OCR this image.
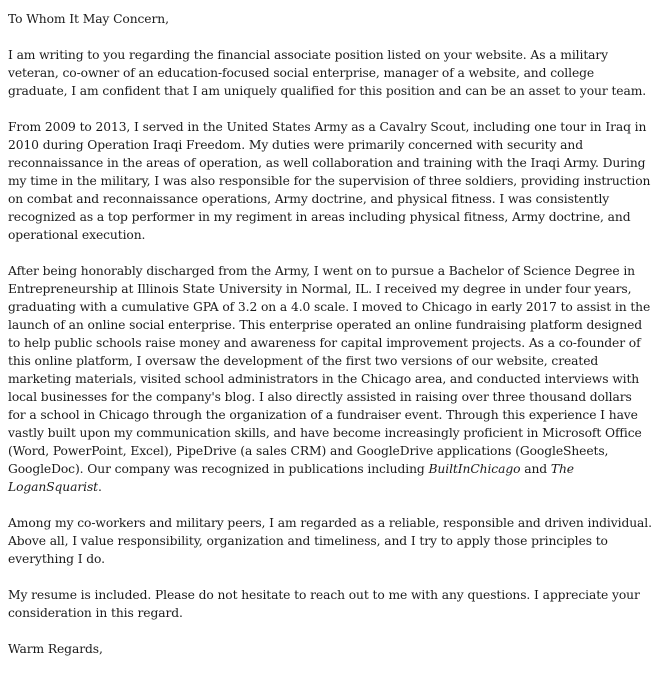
To Whom It May Concern,

I am writing to you regarding the financial associate position listed on your website. As a military veteran, co-owner of an education-focused social enterprise, manager of a website, and college graduate, I am confident that I am uniquely qualified for this position and can be an asset to your team.

From 2009 to 2013, I served in the United States Army as a Cavalry Scout, including one tour in Iraq in 2010 during Operation Iraqi Freedom. My duties were primarily concerned with security and reconnaissance in the areas of operation, as well collaboration and training with the Iraqi Army. During my time in the military, I was also responsible for the supervision of three soldiers, providing instruction on combat and reconnaissance operations, Army doctrine, and physical fitness. I was consistently recognized as a top performer in my regiment in areas including physical fitness, Army doctrine, and operational execution.

After being honorably discharged from the Army, I went on to pursue a Bachelor of Science Degree in Entrepreneurship at Illinois State University in Normal, IL. I received my degree in under four years, graduating with a cumulative GPA of 3.2 on a 4.0 scale. I moved to Chicago in early 2017 to assist in the launch of an online social enterprise. This enterprise operated an online fundraising platform designed to help public schools raise money and awareness for capital improvement projects. As a co-founder of this online platform, I oversaw the development of the first two versions of our website, created marketing materials, visited school administrators in the Chicago area, and conducted interviews with local businesses for the company's blog. I also directly assisted in raising over three thousand dollars for a school in Chicago through the organization of a fundraiser event. Through this experience I have vastly built upon my communication skills, and have become increasingly proficient in Microsoft Office (Word, PowerPoint, Excel), PipeDrive (a sales CRM) and GoogleDrive applications (GoogleSheets, GoogleDoc). Our company was recognized in publications including BuiltInChicago and The LoganSquarist.

Among my co-workers and military peers, I am regarded as a reliable, responsible and driven individual. Above all, I value responsibility, organization and timeliness, and I try to apply those principles to everything I do.

My resume is included. Please do not hesitate to reach out to me with any questions. I appreciate your consideration in this regard.

Warm Regards,
